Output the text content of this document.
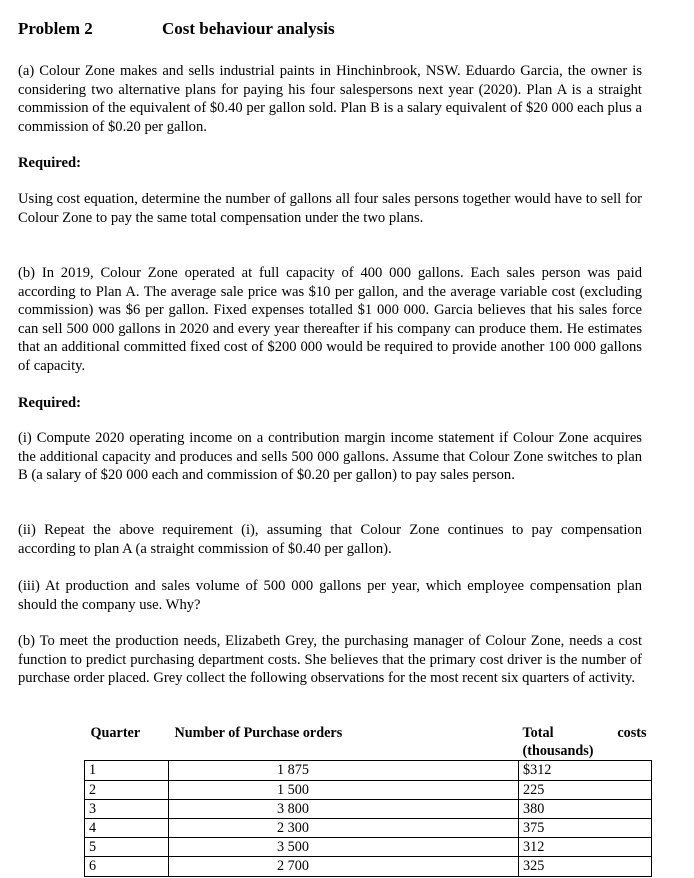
Problem 2	Cost behaviour analysis

(a) Colour Zone makes and sells industrial paints in Hinchinbrook, NSW. Eduardo Garcia, the owner is considering two alternative plans for paying his four salespersons next year (2020). Plan A is a straight commission of the equivalent of $0.40 per gallon sold. Plan B is a salary equivalent of $20 000 each plus a commission of $0.20 per gallon.

Required:

Using cost equation, determine the number of gallons all four sales persons together would have to sell for Colour Zone to pay the same total compensation under the two plans.

(b) In 2019, Colour Zone operated at full capacity of 400 000 gallons. Each sales person was paid according to Plan A. The average sale price was $10 per gallon, and the average variable cost (excluding commission) was $6 per gallon. Fixed expenses totalled $1 000 000. Garcia believes that his sales force can sell 500 000 gallons in 2020 and every year thereafter if his company can produce them. He estimates that an additional committed fixed cost of $200 000 would be required to provide another 100 000 gallons of capacity.

Required:

(i) Compute 2020 operating income on a contribution margin income statement if Colour Zone acquires the additional capacity and produces and sells 500 000 gallons. Assume that Colour Zone switches to plan B (a salary of $20 000 each and commission of $0.20 per gallon) to pay sales person.

(ii) Repeat the above requirement (i), assuming that Colour Zone continues to pay compensation according to plan A (a straight commission of $0.40 per gallon).

(iii) At production and sales volume of 500 000 gallons per year, which employee compensation plan should the company use. Why?

(b) To meet the production needs, Elizabeth Grey, the purchasing manager of Colour Zone, needs a cost function to predict purchasing department costs. She believes that the primary cost driver is the number of purchase order placed. Grey collect the following observations for the most recent six quarters of activity.

Quarter	Number of Purchase orders	Total costs
(thousands)

1	1 875	$312
2	1 500	225
3	3 800	380
4	2 300	375
5	3 500	312
6	2 700	325
